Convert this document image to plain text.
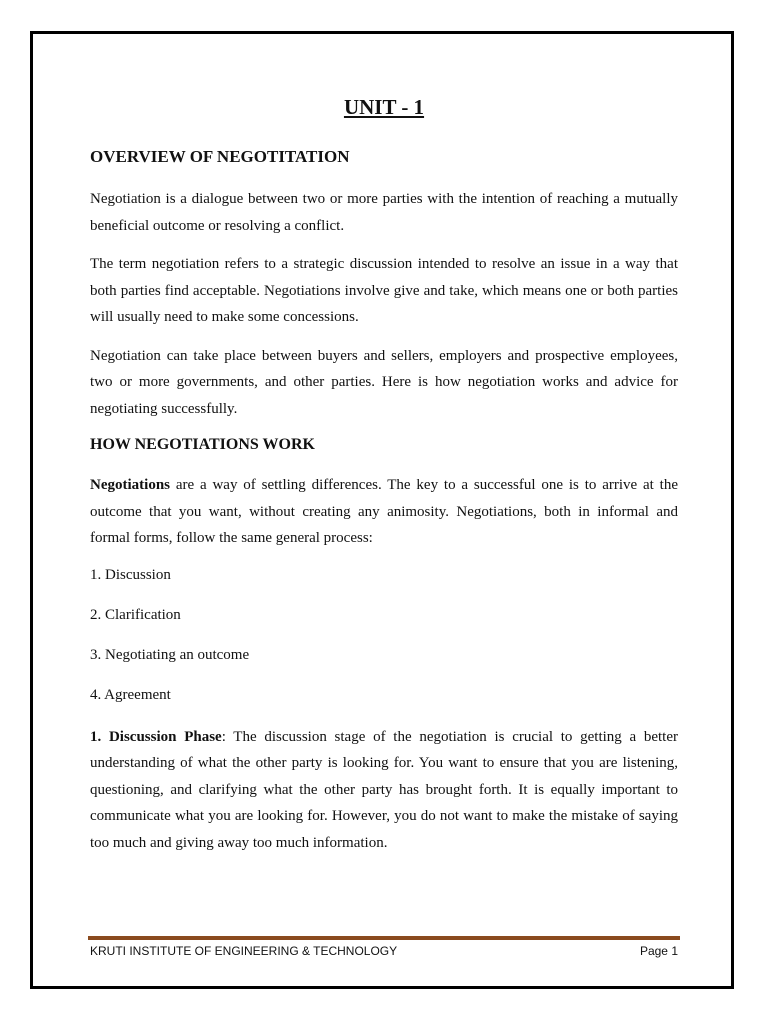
UNIT - 1
OVERVIEW OF NEGOTITATION

Negotiation is a dialogue between two or more parties with the intention of reaching a mutually beneficial outcome or resolving a conflict.

The term negotiation refers to a strategic discussion intended to resolve an issue in a way that both parties find acceptable. Negotiations involve give and take, which means one or both parties will usually need to make some concessions.

Negotiation can take place between buyers and sellers, employers and prospective employees, two or more governments, and other parties. Here is how negotiation works and advice for negotiating successfully.

HOW NEGOTIATIONS WORK

Negotiations are a way of settling differences. The key to a successful one is to arrive at the outcome that you want, without creating any animosity. Negotiations, both in informal and formal forms, follow the same general process:

1. Discussion
2. Clarification
3. Negotiating an outcome
4. Agreement

1. Discussion Phase: The discussion stage of the negotiation is crucial to getting a better understanding of what the other party is looking for. You want to ensure that you are listening, questioning, and clarifying what the other party has brought forth. It is equally important to communicate what you are looking for. However, you do not want to make the mistake of saying too much and giving away too much information.

KRUTI INSTITUTE OF ENGINEERING & TECHNOLOGY	Page 1
